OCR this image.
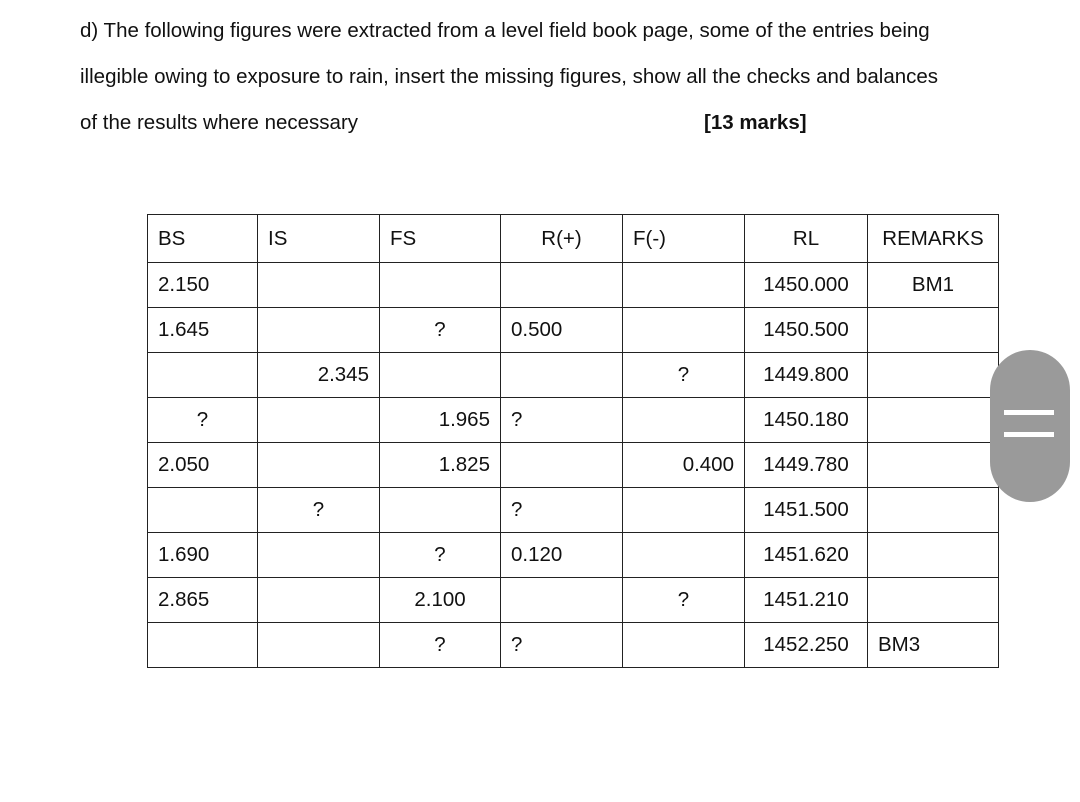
d) The following figures were extracted from a level field book page, some of the entries being
illegible owing to exposure to rain, insert the missing figures, show all the checks and balances
of the results where necessary	[13 marks]
BS	IS	FS	R(+)	F(-)	RL	REMARKS
2.150					1450.000	BM1
1.645		?	0.500		1450.500	
	2.345			?	1449.800	
?		1.965	?		1450.180	
2.050		1.825		0.400	1449.780	
	?		?		1451.500	
1.690		?	0.120		1451.620	
2.865		2.100		?	1451.210	
		?	?		1452.250	BM3
